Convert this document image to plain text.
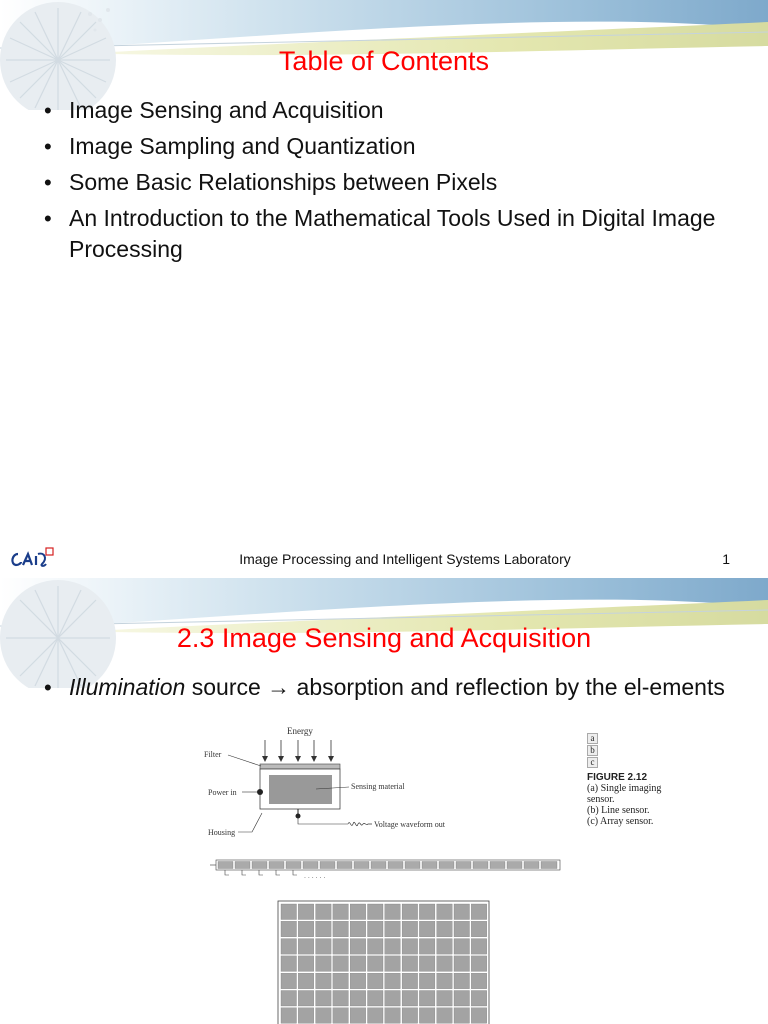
Table of Contents
• Image Sensing and Acquisition
• Image Sampling and Quantization
• Some Basic Relationships between Pixels
• An Introduction to the Mathematical Tools Used in Digital Image Processing
Image Processing and Intelligent Systems Laboratory	1
2.3 Image Sensing and Acquisition
• Illumination source → absorption and reflection by the el-ements
Energy
Filter
Power in
Housing
Sensing material
Voltage waveform out
. . . . . .
a
b
c
FIGURE 2.12
(a) Single imaging sensor.
(b) Line sensor.
(c) Array sensor.
